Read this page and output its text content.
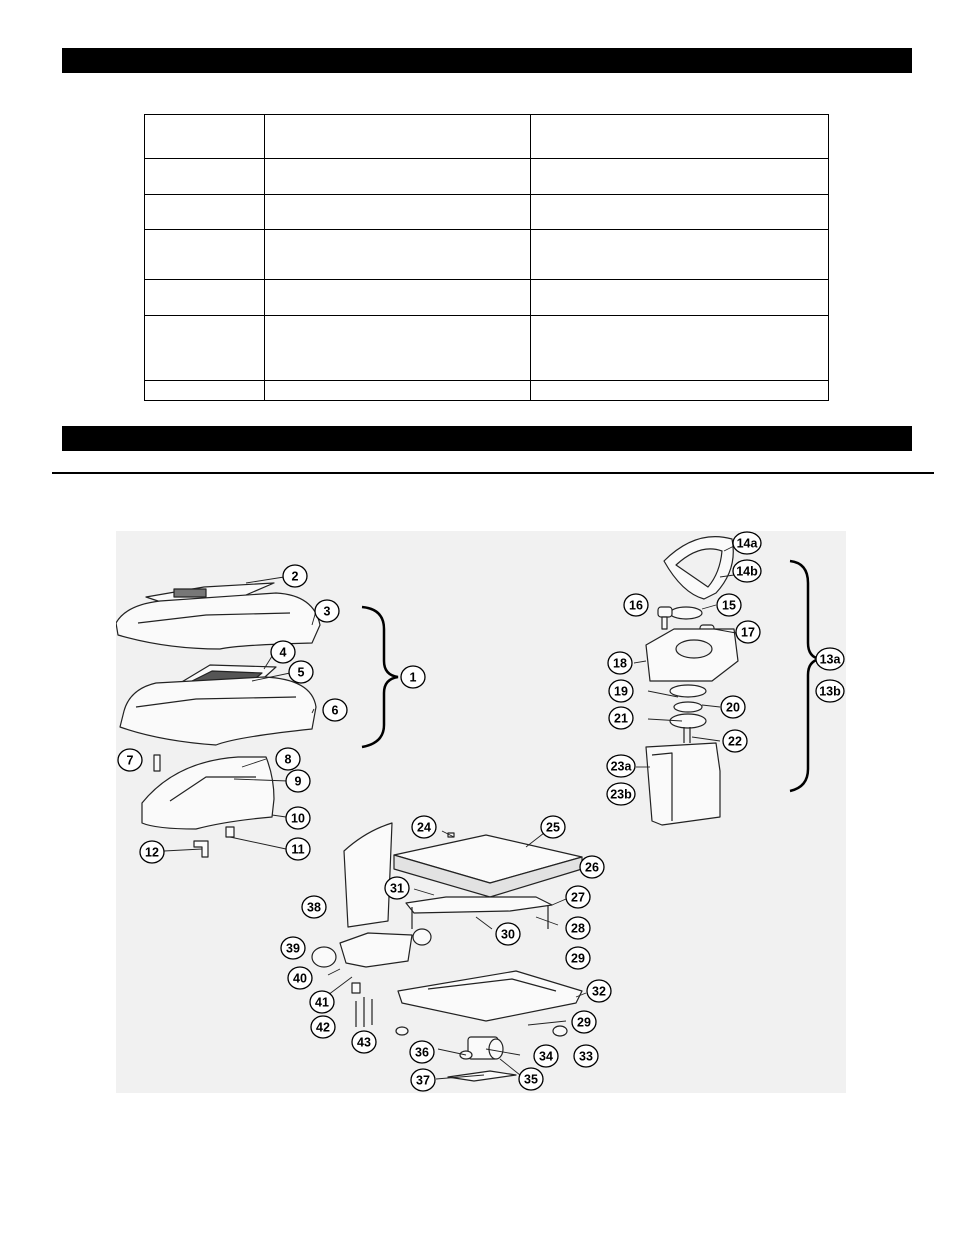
2
3
4
5	1
6
7	8
9
10
12	11
14a
14b
16	15
17
18	13a
13b
19
20
21
22
23a
23b
24	25
26
31
27
38
30	28
39
29
40
41
32
42	29
43
36	34 33
37	35
